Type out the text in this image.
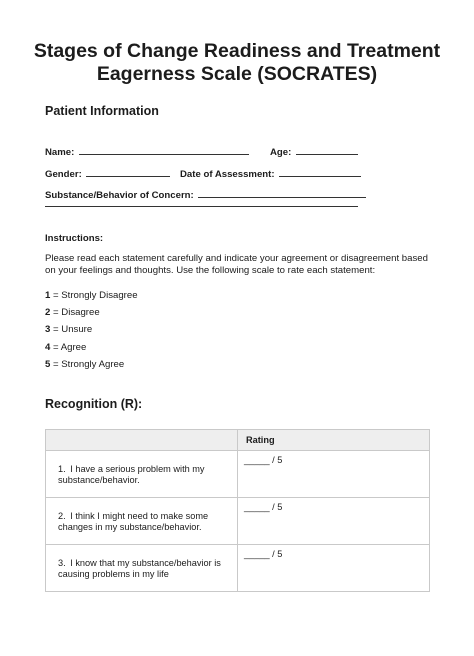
Stages of Change Readiness and Treatment Eagerness Scale (SOCRATES)
Patient Information
Name:	Age:
Gender:	Date of Assessment:
Substance/Behavior of Concern:
Instructions:
Please read each statement carefully and indicate your agreement or disagreement based on your feelings and thoughts. Use the following scale to rate each statement:
1 = Strongly Disagree
2 = Disagree
3 = Unsure
4 = Agree
5 = Strongly Agree
Recognition (R):
	Rating
1. I have a serious problem with my substance/behavior.	_____ / 5
2. I think I might need to make some changes in my substance/behavior.	_____ / 5
3. I know that my substance/behavior is causing problems in my life	_____ / 5
